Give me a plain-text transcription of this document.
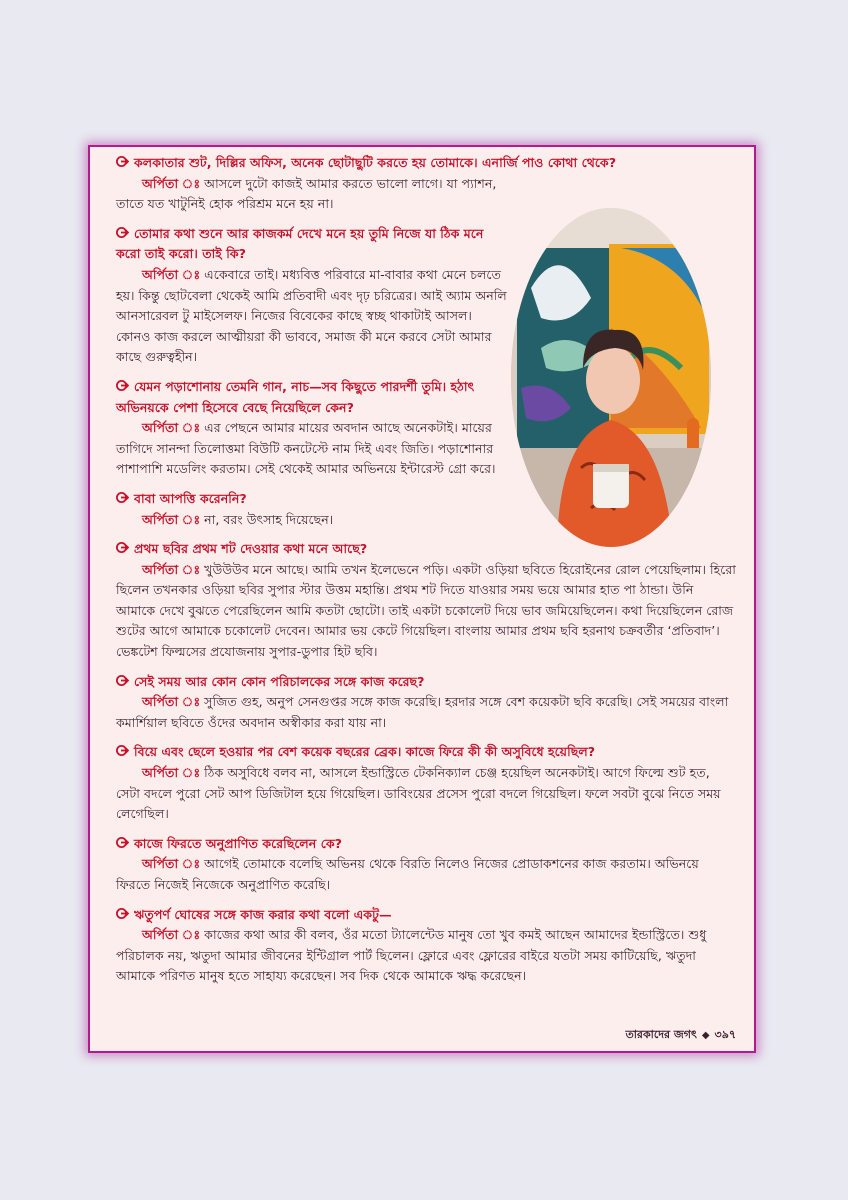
কলকাতার শুট, দিল্লির অফিস, অনেক ছোটাছুটি করতে হয় তোমাকে। এনার্জি পাও কোথা থেকে?
অর্পিতা ঃ আসলে দুটো কাজই আমার করতে ভালো লাগে। যা প্যাশন, তাতে যত খাটুনিই হোক পরিশ্রম মনে হয় না।
তোমার কথা শুনে আর কাজকর্ম দেখে মনে হয় তুমি নিজে যা ঠিক মনে করো তাই করো। তাই কি?
অর্পিতা ঃ একেবারে তাই। মধ্যবিত্ত পরিবারে মা-বাবার কথা মেনে চলতে হয়। কিন্তু ছোটবেলা থেকেই আমি প্রতিবাদী এবং দৃঢ় চরিত্রের। আই অ্যাম অনলি আনসারেবল টু মাইসেলফ। নিজের বিবেকের কাছে স্বচ্ছ থাকাটাই আসল। কোনও কাজ করলে আত্মীয়রা কী ভাববে, সমাজ কী মনে করবে সেটা আমার কাছে গুরুত্বহীন।
যেমন পড়াশোনায় তেমনি গান, নাচ—সব কিছুতে পারদর্শী তুমি। হঠাৎ অভিনয়কে পেশা হিসেবে বেছে নিয়েছিলে কেন?
অর্পিতা ঃ এর পেছনে আমার মায়ের অবদান আছে অনেকটাই। মায়ের তাগিদে সানন্দা তিলোত্তমা বিউটি কনটেস্টে নাম দিই এবং জিতি। পড়াশোনার পাশাপাশি মডেলিং করতাম। সেই থেকেই আমার অভিনয়ে ইন্টারেস্ট গ্রো করে।
বাবা আপত্তি করেননি?
অর্পিতা ঃ না, বরং উৎসাহ দিয়েছেন।
প্রথম ছবির প্রথম শট দেওয়ার কথা মনে আছে?
অর্পিতা ঃ খুউউউব মনে আছে। আমি তখন ইলেভেনে পড়ি। একটা ওড়িয়া ছবিতে হিরোইনের রোল পেয়েছিলাম। হিরো ছিলেন তখনকার ওড়িয়া ছবির সুপার স্টার উত্তম মহান্তি। প্রথম শট দিতে যাওয়ার সময় ভয়ে আমার হাত পা ঠান্ডা। উনি আমাকে দেখে বুঝতে পেরেছিলেন আমি কতটা ছোটো। তাই একটা চকোলেট দিয়ে ভাব জমিয়েছিলেন। কথা দিয়েছিলেন রোজ শুটের আগে আমাকে চকোলেট দেবেন। আমার ভয় কেটে গিয়েছিল। বাংলায় আমার প্রথম ছবি হরনাথ চক্রবর্তীর ‘প্রতিবাদ’। ভেঙ্কটেশ ফিল্মসের প্রযোজনায় সুপার-ডুপার হিট ছবি।
সেই সময় আর কোন কোন পরিচালকের সঙ্গে কাজ করেছ?
অর্পিতা ঃ সুজিত গুহ, অনুপ সেনগুপ্তর সঙ্গে কাজ করেছি। হরদার সঙ্গে বেশ কয়েকটা ছবি করেছি। সেই সময়ের বাংলা কমার্শিয়াল ছবিতে ওঁদের অবদান অস্বীকার করা যায় না।
বিয়ে এবং ছেলে হওয়ার পর বেশ কয়েক বছরের ব্রেক। কাজে ফিরে কী কী অসুবিধে হয়েছিল?
অর্পিতা ঃ ঠিক অসুবিধে বলব না, আসলে ইন্ডাস্ট্রিতে টেকনিক্যাল চেঞ্জ হয়েছিল অনেকটাই। আগে ফিল্মে শুট হত, সেটা বদলে পুরো সেট আপ ডিজিটাল হয়ে গিয়েছিল। ডাবিংয়ের প্রসেস পুরো বদলে গিয়েছিল। ফলে সবটা বুঝে নিতে সময় লেগেছিল।
কাজে ফিরতে অনুপ্রাণিত করেছিলেন কে?
অর্পিতা ঃ আগেই তোমাকে বলেছি অভিনয় থেকে বিরতি নিলেও নিজের প্রোডাকশনের কাজ করতাম। অভিনয়ে ফিরতে নিজেই নিজেকে অনুপ্রাণিত করেছি।
ঋতুপর্ণ ঘোষের সঙ্গে কাজ করার কথা বলো একটু—
অর্পিতা ঃ কাজের কথা আর কী বলব, ওঁর মতো ট্যালেন্টেড মানুষ তো খুব কমই আছেন আমাদের ইন্ডাস্ট্রিতে। শুধু পরিচালক নয়, ঋতুদা আমার জীবনের ইন্টিগ্রাল পার্ট ছিলেন। ফ্লোরে এবং ফ্লোরের বাইরে যতটা সময় কাটিয়েছি, ঋতুদা আমাকে পরিণত মানুষ হতে সাহায্য করেছেন। সব দিক থেকে আমাকে ঋদ্ধ করেছেন।
তারকাদের জগৎ ◆ ৩৯৭
